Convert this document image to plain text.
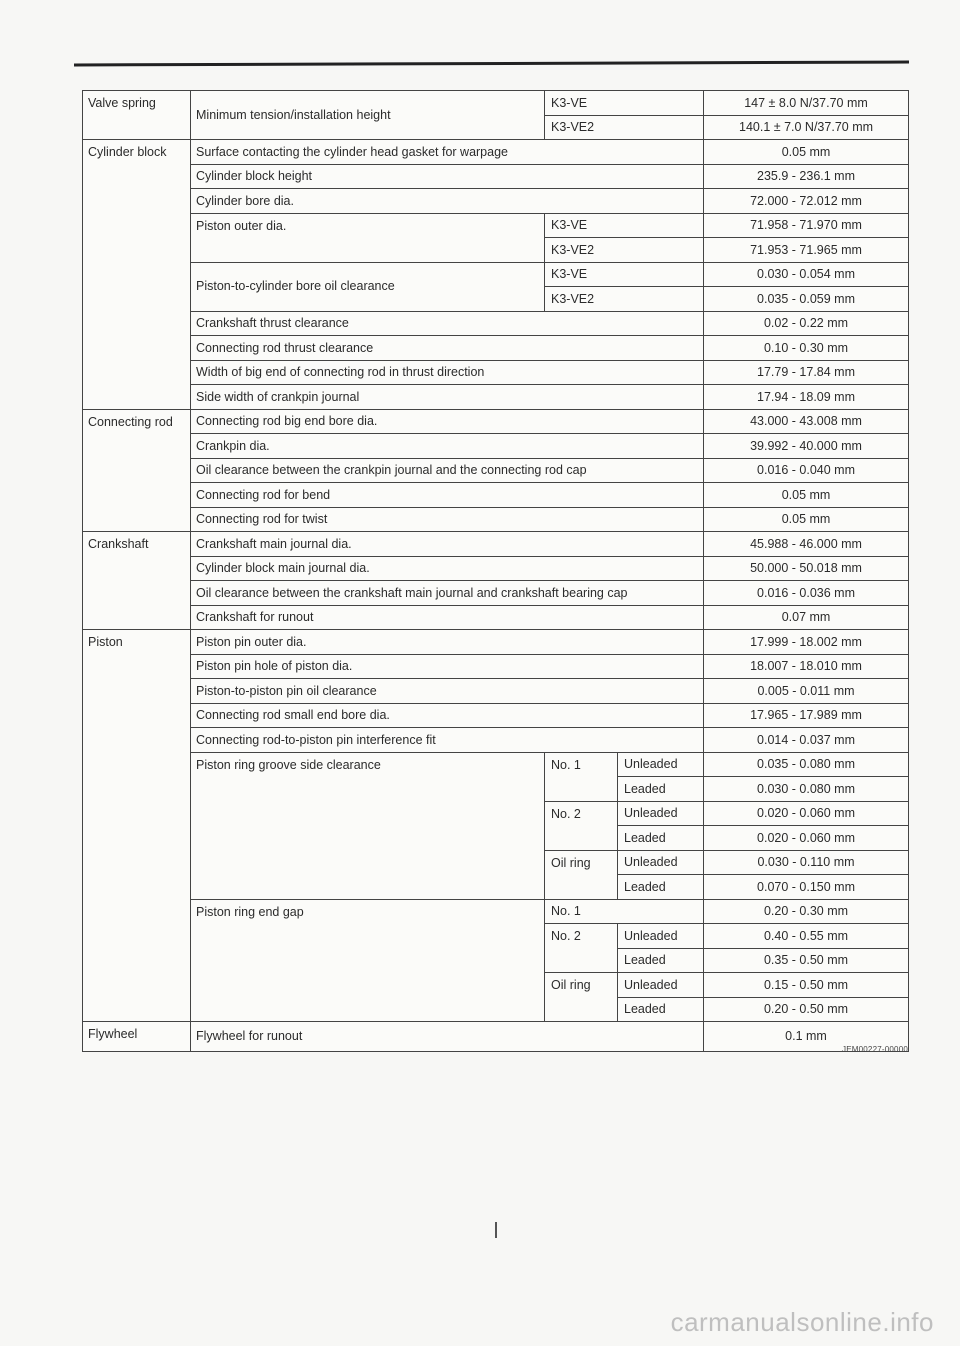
Valve spring	Minimum tension/installation height	K3-VE		147 ± 8.0 N/37.70 mm
		K3-VE2		140.1 ± 7.0 N/37.70 mm
Cylinder block	Surface contacting the cylinder head gasket for warpage			0.05 mm
	Cylinder block height			235.9 - 236.1 mm
	Cylinder bore dia.			72.000 - 72.012 mm
	Piston outer dia.	K3-VE		71.958 - 71.970 mm
		K3-VE2		71.953 - 71.965 mm
	Piston-to-cylinder bore oil clearance	K3-VE		0.030 - 0.054 mm
		K3-VE2		0.035 - 0.059 mm
	Crankshaft thrust clearance			0.02 - 0.22 mm
	Connecting rod thrust clearance			0.10 - 0.30 mm
	Width of big end of connecting rod in thrust direction			17.79 - 17.84 mm
	Side width of crankpin journal			17.94 - 18.09 mm
Connecting rod	Connecting rod big end bore dia.			43.000 - 43.008 mm
	Crankpin dia.			39.992 - 40.000 mm
	Oil clearance between the crankpin journal and the connecting rod cap			0.016 - 0.040 mm
	Connecting rod for bend			0.05 mm
	Connecting rod for twist			0.05 mm
Crankshaft	Crankshaft main journal dia.			45.988 - 46.000 mm
	Cylinder block main journal dia.			50.000 - 50.018 mm
	Oil clearance between the crankshaft main journal and crankshaft bearing cap			0.016 - 0.036 mm
	Crankshaft for runout			0.07 mm
Piston	Piston pin outer dia.			17.999 - 18.002 mm
	Piston pin hole of piston dia.			18.007 - 18.010 mm
	Piston-to-piston pin oil clearance			0.005 - 0.011 mm
	Connecting rod small end bore dia.			17.965 - 17.989 mm
	Connecting rod-to-piston pin interference fit			0.014 - 0.037 mm
	Piston ring groove side clearance	No. 1	Unleaded	0.035 - 0.080 mm
			Leaded	0.030 - 0.080 mm
		No. 2	Unleaded	0.020 - 0.060 mm
			Leaded	0.020 - 0.060 mm
		Oil ring	Unleaded	0.030 - 0.110 mm
			Leaded	0.070 - 0.150 mm
	Piston ring end gap	No. 1		0.20 - 0.30 mm
		No. 2	Unleaded	0.40 - 0.55 mm
			Leaded	0.35 - 0.50 mm
		Oil ring	Unleaded	0.15 - 0.50 mm
			Leaded	0.20 - 0.50 mm
Flywheel	Flywheel for runout			0.1 mm
JEM00227-00000
carmanualsonline.info
